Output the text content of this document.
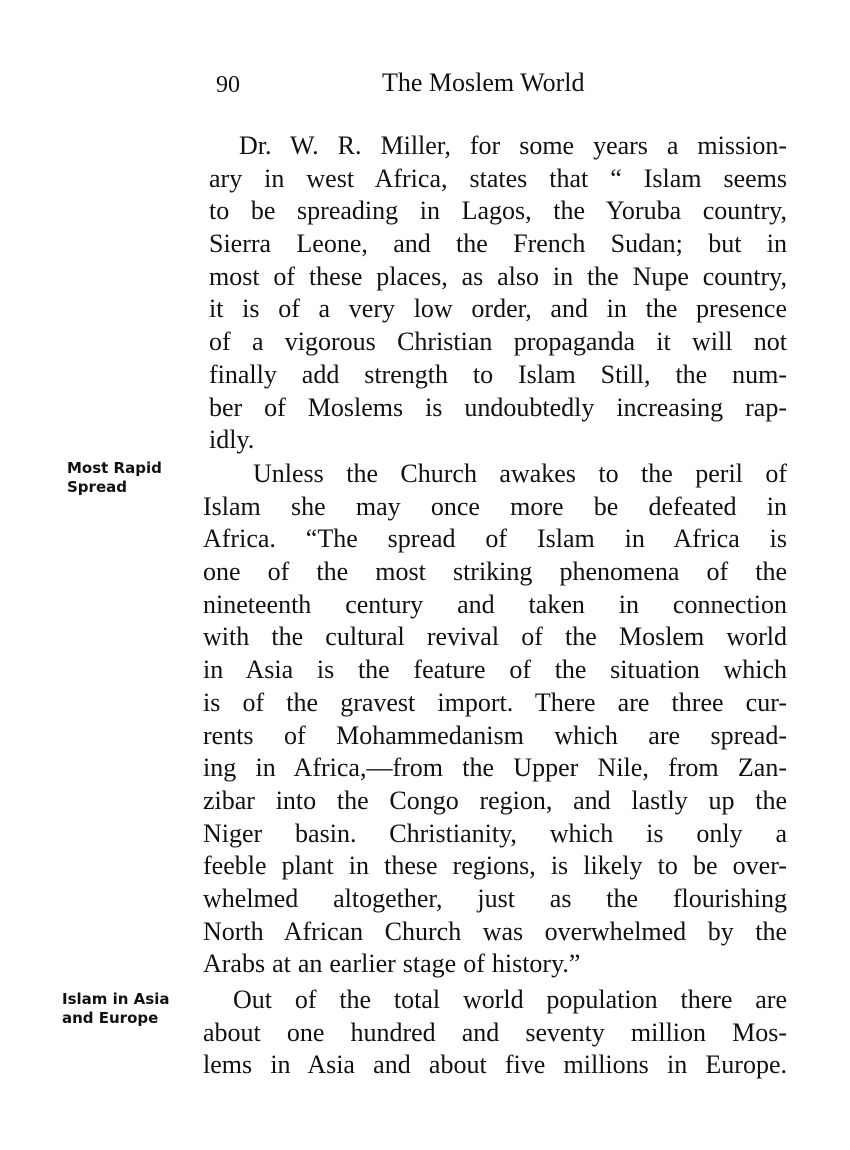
90	The Moslem World
Dr. W. R. Miller, for some years a mission-
ary in west Africa, states that “ Islam seems
to be spreading in Lagos, the Yoruba country,
Sierra Leone, and the French Sudan; but in
most of these places, as also in the Nupe country,
it is of a very low order, and in the presence
of a vigorous Christian propaganda it will not
finally add strength to Islam Still, the num-
ber of Moslems is undoubtedly increasing rap-
idly.
Most Rapid
Spread	Unless the Church awakes to the peril of
Islam she may once more be defeated in
Africa. “The spread of Islam in Africa is
one of the most striking phenomena of the
nineteenth century and taken in connection
with the cultural revival of the Moslem world
in Asia is the feature of the situation which
is of the gravest import. There are three cur-
rents of Mohammedanism which are spread-
ing in Africa,—from the Upper Nile, from Zan-
zibar into the Congo region, and lastly up the
Niger basin. Christianity, which is only a
feeble plant in these regions, is likely to be over-
whelmed altogether, just as the flourishing
North African Church was overwhelmed by the
Arabs at an earlier stage of history.”
Islam in Asia
and Europe
Out of the total world population there are
about one hundred and seventy million Mos-
lems in Asia and about five millions in Europe.
